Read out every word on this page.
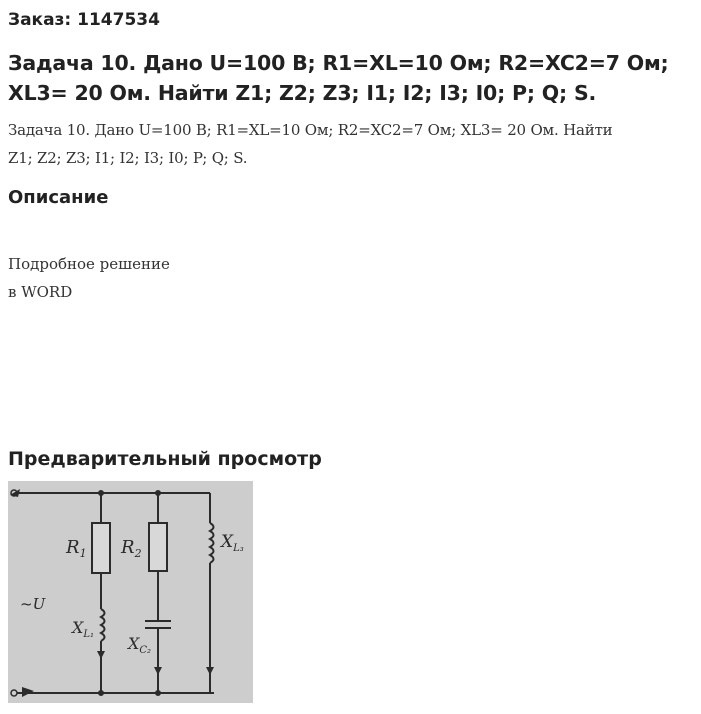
Заказ: 1147534
Задача 10. Дано U=100 В; R1=XL=10 Ом; R2=XC2=7 Ом;
XL3= 20 Ом. Найти Z1; Z2; Z3; I1; I2; I3; I0; P; Q; S.
Задача 10. Дано U=100 В; R1=XL=10 Ом; R2=XC2=7 Ом; XL3= 20 Ом. Найти
Z1; Z2; Z3; I1; I2; I3; I0; P; Q; S.
Описание
Подробное решение
в WORD
Предварительный просмотр
$R_1$ $R_2$
$X_{L_3}$
~U
$X_{L_1}$ $X_{C_2}$
